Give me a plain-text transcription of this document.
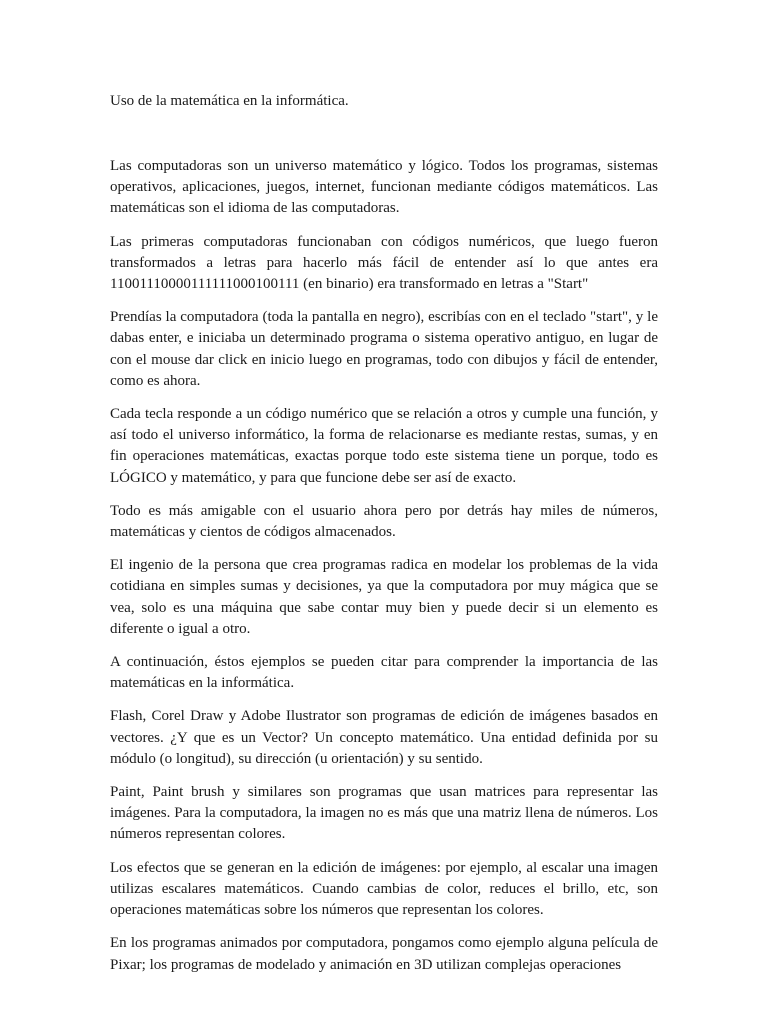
Uso de la matemática en la informática.

Las computadoras son un universo matemático y lógico. Todos los programas, sistemas operativos, aplicaciones, juegos, internet, funcionan mediante códigos matemáticos. Las matemáticas son el idioma de las computadoras.

Las primeras computadoras funcionaban con códigos numéricos, que luego fueron transformados a letras para hacerlo más fácil de entender así lo que antes era 11001110000111111000100111 (en binario) era transformado en letras a "Start"

Prendías la computadora (toda la pantalla en negro), escribías con en el teclado "start", y le dabas enter, e iniciaba un determinado programa o sistema operativo antiguo, en lugar de con el mouse dar click en inicio luego en programas, todo con dibujos y fácil de entender, como es ahora.

Cada tecla responde a un código numérico que se relación a otros y cumple una función, y así todo el universo informático, la forma de relacionarse es mediante restas, sumas, y en fin operaciones matemáticas, exactas porque todo este sistema tiene un porque, todo es LÓGICO y matemático, y para que funcione debe ser así de exacto.

Todo es más amigable con el usuario ahora pero por detrás hay miles de números, matemáticas y cientos de códigos almacenados.

El ingenio de la persona que crea programas radica en modelar los problemas de la vida cotidiana en simples sumas y decisiones, ya que la computadora por muy mágica que se vea, solo es una máquina que sabe contar muy bien y puede decir si un elemento es diferente o igual a otro.

A continuación, éstos ejemplos se pueden citar para comprender la importancia de las matemáticas en la informática.

Flash, Corel Draw y Adobe Ilustrator son programas de edición de imágenes basados en vectores. ¿Y que es un Vector? Un concepto matemático. Una entidad definida por su módulo (o longitud), su dirección (u orientación) y su sentido.

Paint, Paint brush y similares son programas que usan matrices para representar las imágenes. Para la computadora, la imagen no es más que una matriz llena de números. Los números representan colores.

Los efectos que se generan en la edición de imágenes: por ejemplo, al escalar una imagen utilizas escalares matemáticos. Cuando cambias de color, reduces el brillo, etc, son operaciones matemáticas sobre los números que representan los colores.

En los programas animados por computadora, pongamos como ejemplo alguna película de Pixar; los programas de modelado y animación en 3D utilizan complejas operaciones
